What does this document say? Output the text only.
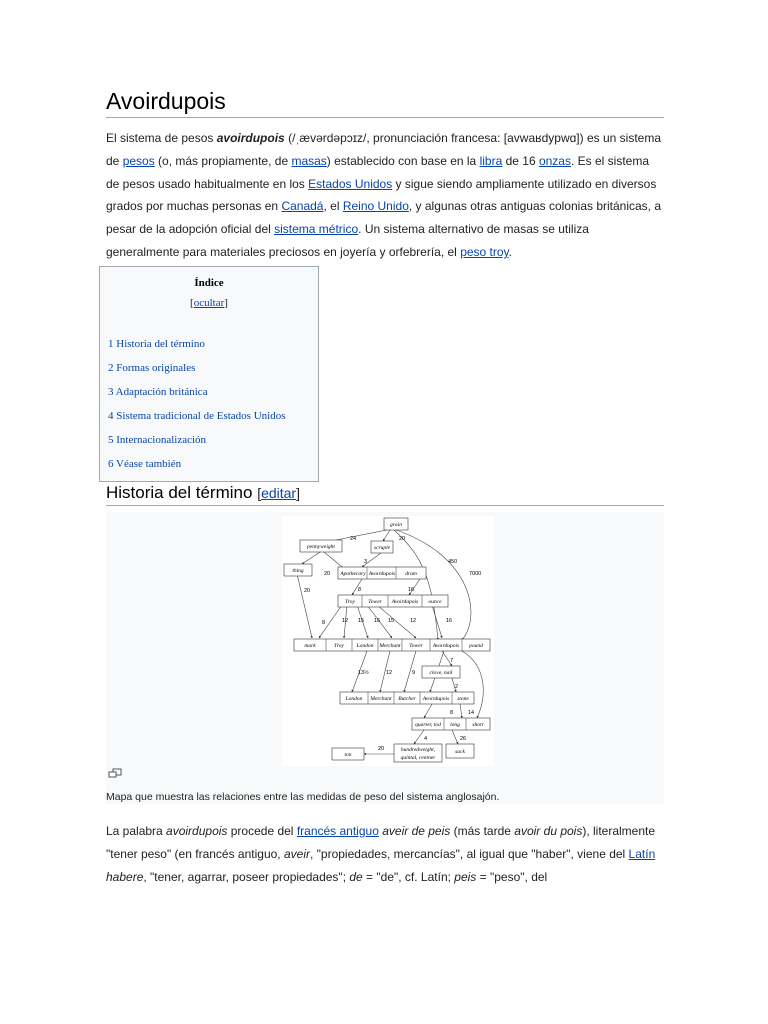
Avoirdupois

El sistema de pesos avoirdupois (/ˌævərdəpɔɪz/, pronunciación francesa: [avwaʁdypwɑ]) es un sistema de pesos (o, más propiamente, de masas) establecido con base en la libra de 16 onzas. Es el sistema de pesos usado habitualmente en los Estados Unidos y sigue siendo ampliamente utilizado en diversos grados por muchas personas en Canadá, el Reino Unido, y algunas otras antiguas colonias británicas, a pesar de la adopción oficial del sistema métrico. Un sistema alternativo de masas se utiliza generalmente para materiales preciosos en joyería y orfebrería, el peso troy.

Índice
[ocultar]
1 Historia del término
2 Formas originales
3 Adaptación británica
4 Sistema tradicional de Estados Unidos
5 Internacionalización
6 Véase también
Historia del término [editar]
grain
pennyweight	scruple
thing	Apothecary Avoirdupois dram
Troy Tower Avoirdupois ounce
mark	Troy London Merchant Tower Avoirdupois pound
clove, nail
London Merchant Butcher Avoirdupois stone
quarter, tod long short
ton
hundredweight,
quintal, centner
sack
24	20
3	450
7000
20
20	8	16
8	12 15 16 15	12	16
7
2
13½	12	9
8	14
4
20
26
Mapa que muestra las relaciones entre las medidas de peso del sistema anglosajón.

La palabra avoirdupois procede del francés antiguo aveir de peis (más tarde avoir du pois), literalmente "tener peso" (en francés antiguo, aveir, "propiedades, mercancías", al igual que "haber", viene del Latín habere, "tener, agarrar, poseer propiedades"; de = "de", cf. Latín; peis = "peso", del
